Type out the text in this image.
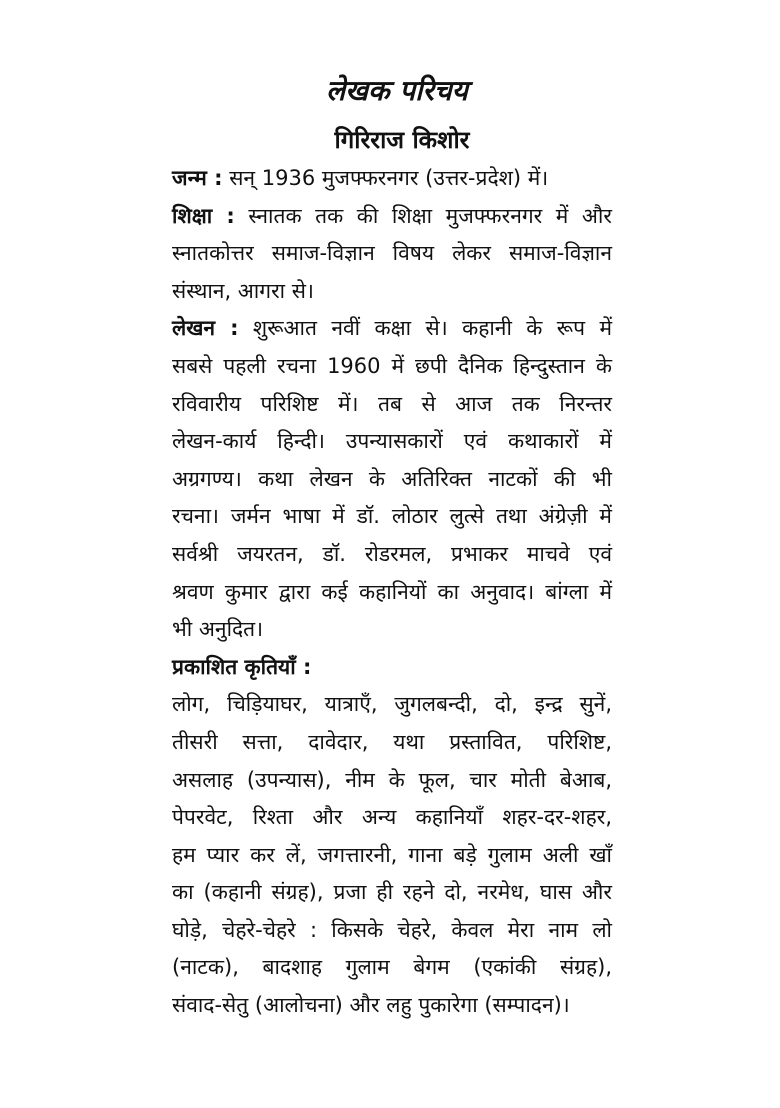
लेखक परिचय
गिरिराज किशोर

जन्म : सन् 1936 मुजफ्फरनगर (उत्तर-प्रदेश) में।

शिक्षा : स्नातक तक की शिक्षा मुजफ्फरनगर में और

स्नातकोत्तर समाज-विज्ञान विषय लेकर समाज-विज्ञान

संस्थान, आगरा से।

लेखन : शुरूआत नवीं कक्षा से। कहानी के रूप में

सबसे पहली रचना 1960 में छपी दैनिक हिन्दुस्तान के

रविवारीय परिशिष्ट में। तब से आज तक निरन्तर

लेखन-कार्य हिन्दी। उपन्यासकारों एवं कथाकारों में

अग्रगण्य। कथा लेखन के अतिरिक्त नाटकों की भी

रचना। जर्मन भाषा में डॉ. लोठार लुत्से तथा अंग्रेज़ी में

सर्वश्री जयरतन, डॉ. रोडरमल, प्रभाकर माचवे एवं

श्रवण कुमार द्वारा कई कहानियों का अनुवाद। बांग्ला में

भी अनुदित।

प्रकाशित कृतियाँ :

लोग, चिड़ियाघर, यात्राएँ, जुगलबन्दी, दो, इन्द्र सुनें,

तीसरी सत्ता, दावेदार, यथा प्रस्तावित, परिशिष्ट,

असलाह (उपन्यास), नीम के फूल, चार मोती बेआब,

पेपरवेट, रिश्ता और अन्य कहानियाँ शहर-दर-शहर,

हम प्यार कर लें, जगत्तारनी, गाना बड़े गुलाम अली खाँ

का (कहानी संग्रह), प्रजा ही रहने दो, नरमेध, घास और

घोड़े, चेहरे-चेहरे : किसके चेहरे, केवल मेरा नाम लो

(नाटक), बादशाह गुलाम बेगम (एकांकी संग्रह),

संवाद-सेतु (आलोचना) और लहु पुकारेगा (सम्पादन)।
